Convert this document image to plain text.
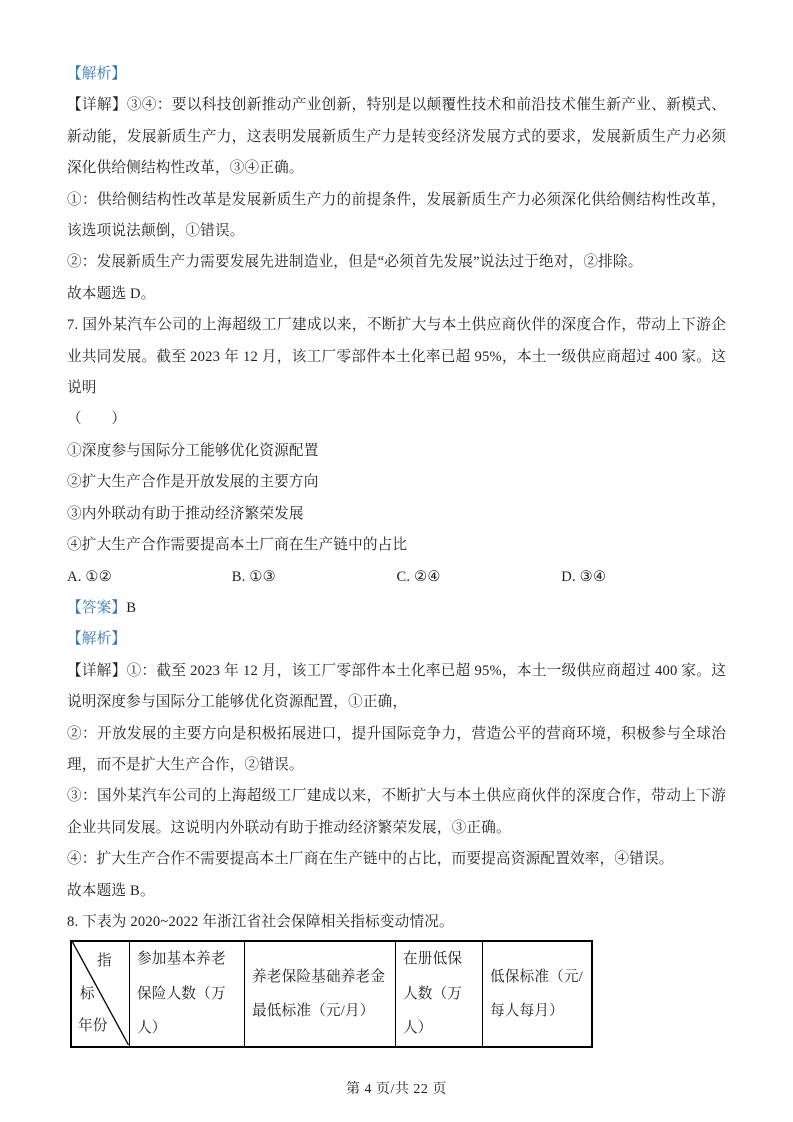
【解析】

【详解】③④：要以科技创新推动产业创新，特别是以颠覆性技术和前沿技术催生新产业、新模式、新动能，发展新质生产力，这表明发展新质生产力是转变经济发展方式的要求，发展新质生产力必须深化供给侧结构性改革，③④正确。

①：供给侧结构性改革是发展新质生产力的前提条件，发展新质生产力必须深化供给侧结构性改革，该选项说法颠倒，①错误。

②：发展新质生产力需要发展先进制造业，但是“必须首先发展”说法过于绝对，②排除。

故本题选 D。

7. 国外某汽车公司的上海超级工厂建成以来，不断扩大与本土供应商伙伴的深度合作，带动上下游企业共同发展。截至 2023 年 12 月，该工厂零部件本土化率已超 95%，本土一级供应商超过 400 家。这说明

（　　）

①深度参与国际分工能够优化资源配置

②扩大生产合作是开放发展的主要方向

③内外联动有助于推动经济繁荣发展

④扩大生产合作需要提高本土厂商在生产链中的占比

A. ①②	B. ①③	C. ②④	D. ③④

【答案】B

【解析】

【详解】①：截至 2023 年 12 月，该工厂零部件本土化率已超 95%，本土一级供应商超过 400 家。这说明深度参与国际分工能够优化资源配置，①正确，

②：开放发展的主要方向是积极拓展进口，提升国际竞争力，营造公平的营商环境，积极参与全球治理，而不是扩大生产合作，②错误。

③：国外某汽车公司的上海超级工厂建成以来，不断扩大与本土供应商伙伴的深度合作，带动上下游企业共同发展。这说明内外联动有助于推动经济繁荣发展，③正确。

④：扩大生产合作不需要提高本土厂商在生产链中的占比，而要提高资源配置效率，④错误。

故本题选 B。

8. 下表为 2020~2022 年浙江省社会保障相关指标变动情况。

指
标
年份
	参加基本养老保险人数（万人）	养老保险基础养老金最低标准（元/月）	在册低保人数（万人）	低保标准（元/每人每月）
第 4 页/共 22 页
